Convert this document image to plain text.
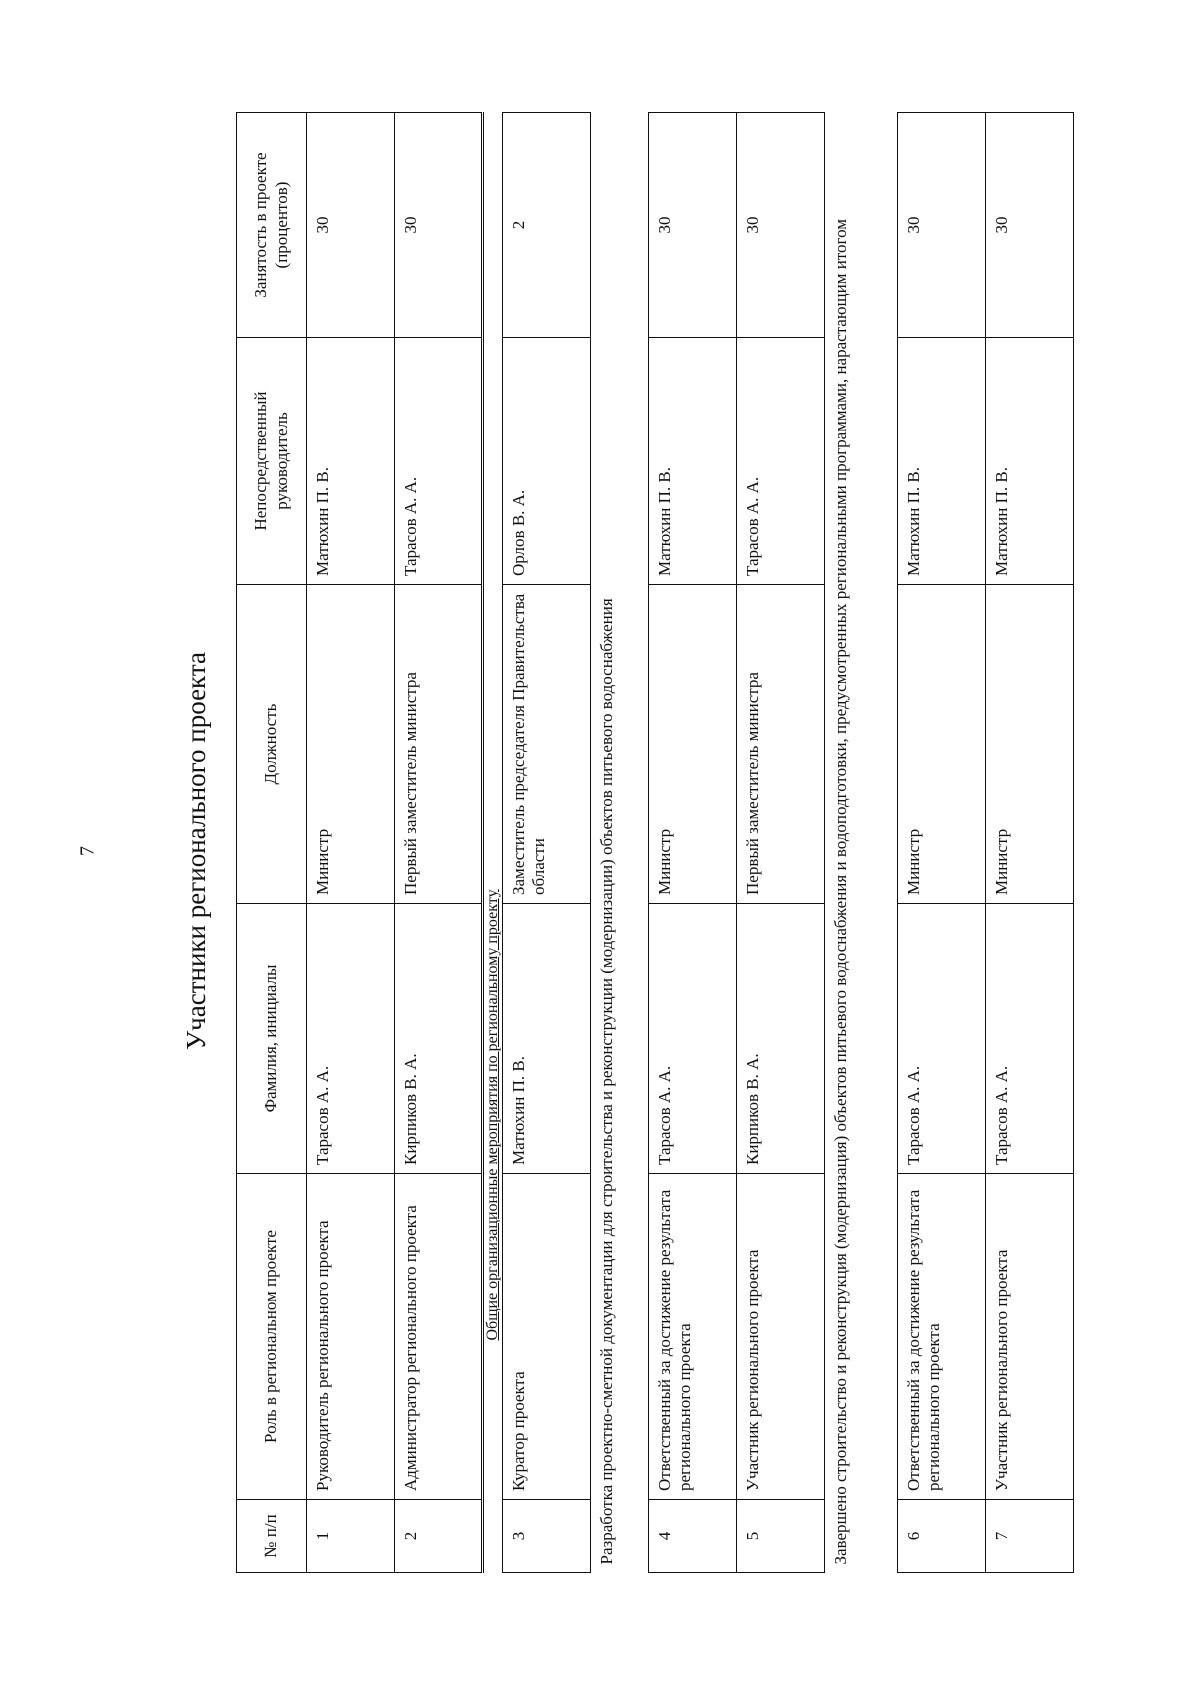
7	Участники регионального проекта
№ п/п	Роль в региональном проекте	Фамилия, инициалы	Должность	Непосредственный руководитель	Занятость в проекте (процентов)
1	Руководитель регионального проекта	Тарасов А. А.	Министр	Матюхин П. В.	30
2	Администратор регионального проекта	Кирпиков В. А.	Первый заместитель министра	Тарасов А. А.	30
Общие организационные мероприятия по региональному проекту					
3	Куратор проекта	Матюхин П. В.	Заместитель председателя Правительства области	Орлов В. А.	2
Разработка проектно-сметной документации для строительства и реконструкции (модернизации) объектов питьевого водоснабжения					
4	Ответственный за достижение результата регионального проекта	Тарасов А. А.	Министр	Матюхин П. В.	30
5	Участник регионального проекта	Кирпиков В. А.	Первый заместитель министра	Тарасов А. А.	30
Завершено строительство и реконструкция (модернизация) объектов питьевого водоснабжения и водоподготовки, предусмотренных региональными программами, нарастающим итогом					
6	Ответственный за достижение результата регионального проекта	Тарасов А. А.	Министр	Матюхин П. В.	30
7	Участник регионального проекта	Тарасов А. А.	Министр	Матюхин П. В.	30
